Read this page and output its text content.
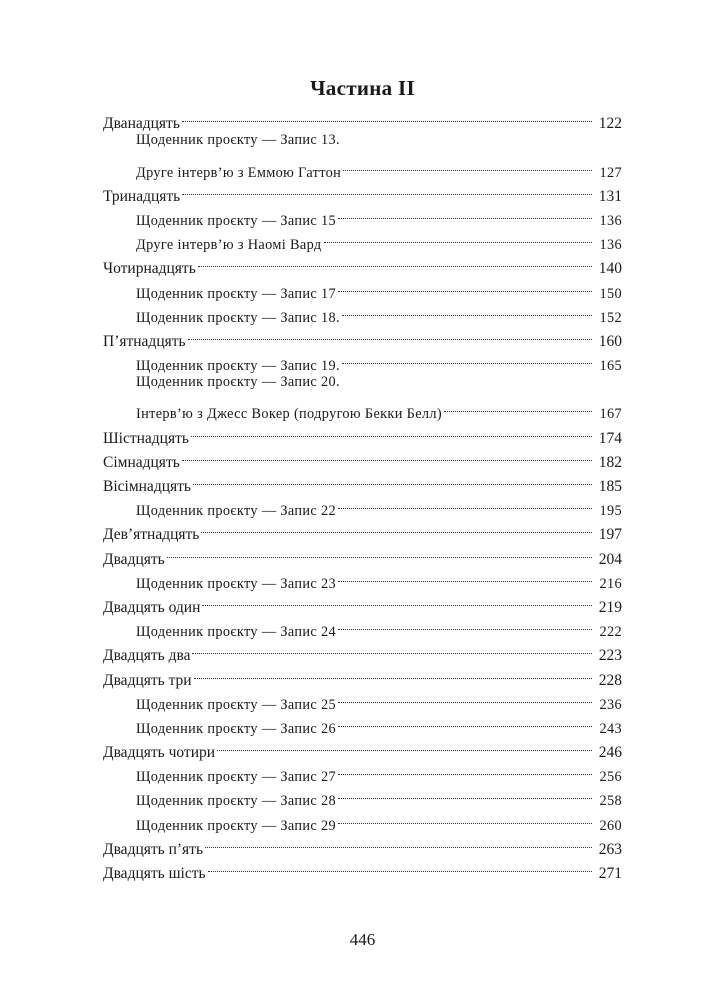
Частина II
Дванадцять	122
Щоденник проєкту — Запис 13.
Друге інтерв’ю з Еммою Гаттон	127
Тринадцять	131
Щоденник проєкту — Запис 15	136
Друге інтерв’ю з Наомі Вард	136
Чотирнадцять	140
Щоденник проєкту — Запис 17	150
Щоденник проєкту — Запис 18.	152
П’ятнадцять	160
Щоденник проєкту — Запис 19.	165
Щоденник проєкту — Запис 20.
Інтерв’ю з Джесс Вокер (подругою Бекки Белл)	167
Шістнадцять	174
Сімнадцять	182
Вісімнадцять	185
Щоденник проєкту — Запис 22	195
Дев’ятнадцять	197
Двадцять	204
Щоденник проєкту — Запис 23	216
Двадцять один	219
Щоденник проєкту — Запис 24	222
Двадцять два	223
Двадцять три	228
Щоденник проєкту — Запис 25	236
Щоденник проєкту — Запис 26	243
Двадцять чотири	246
Щоденник проєкту — Запис 27	256
Щоденник проєкту — Запис 28	258
Щоденник проєкту — Запис 29	260
Двадцять п’ять	263
Двадцять шість	271
446
